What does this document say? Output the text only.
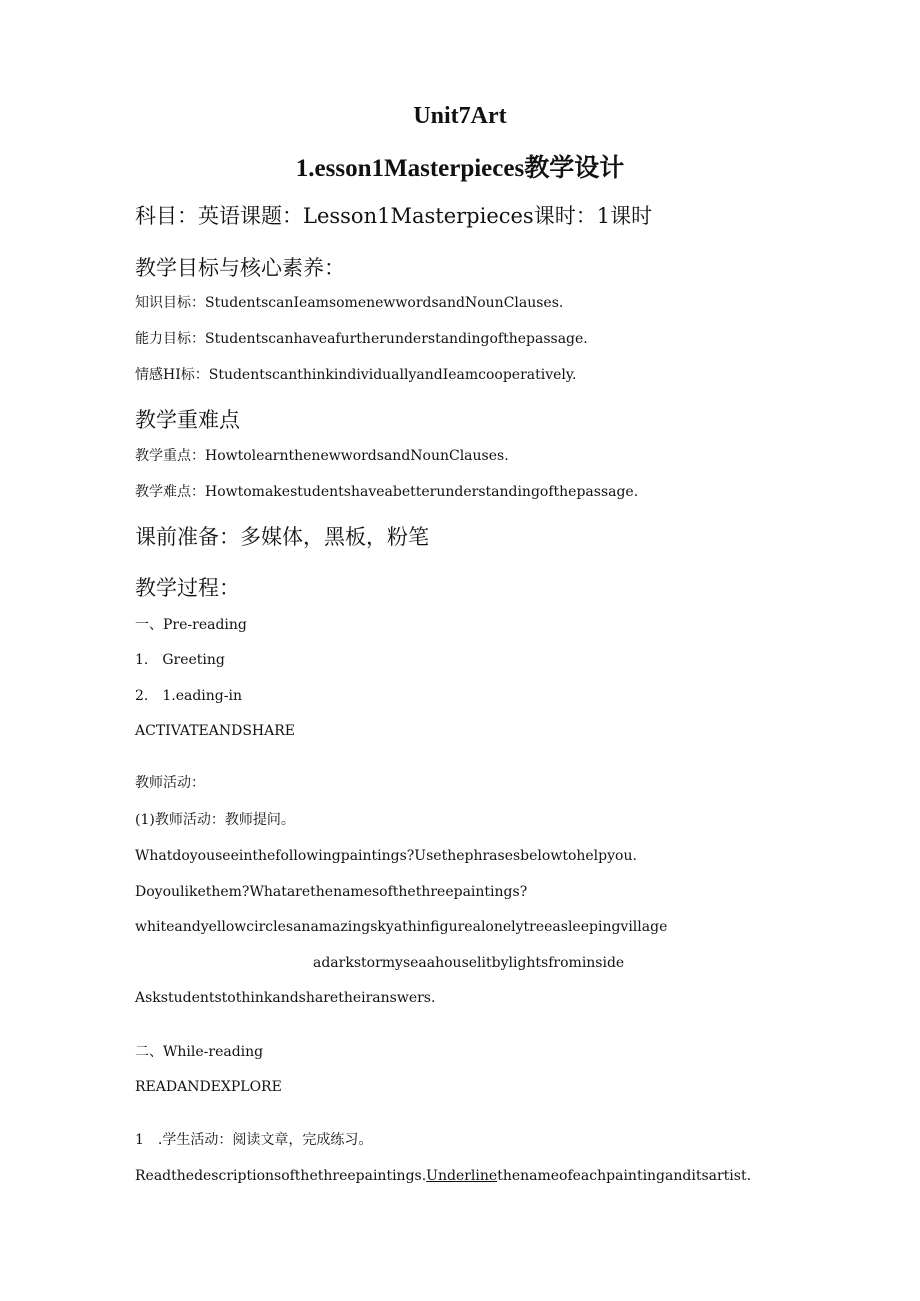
Unit7Art
1.esson1Masterpieces教学设计
科目：英语课题：Lesson1Masterpieces课时：1课时
教学目标与核心素养：
知识目标：StudentscanIeamsomenewwordsandNounClauses.
能力目标：Studentscanhaveafurtherunderstandingofthepassage.
情感HI标：StudentscanthinkindividuallyandIeamcooperatively.
教学重难点
教学重点：HowtolearnthenewwordsandNounClauses.
教学难点：Howtomakestudentshaveabetterunderstandingofthepassage.
课前准备：多媒体，黑板，粉笔
教学过程：
一、Pre-reading
1. Greeting
2. 1.eading-in
ACTIVATEANDSHARE
教师活动：
(1)教师活动：教师提问。
Whatdoyouseeinthefollowingpaintings?Usethephrasesbelowtohelpyou.
Doyoulikethem?Whatarethenamesofthethreepaintings?
whiteandyellowcirclesanamazingskyathinfigurealonelytreeasleepingvillage
adarkstormyseaahouselitbylightsfrominside
Askstudentstothinkandsharetheiranswers.
二、While-reading
READANDEXPLORE
1 .学生活动：阅读文章，完成练习。
Readthedescriptionsofthethreepaintings.Underlinethenameofeachpaintinganditsartist.
